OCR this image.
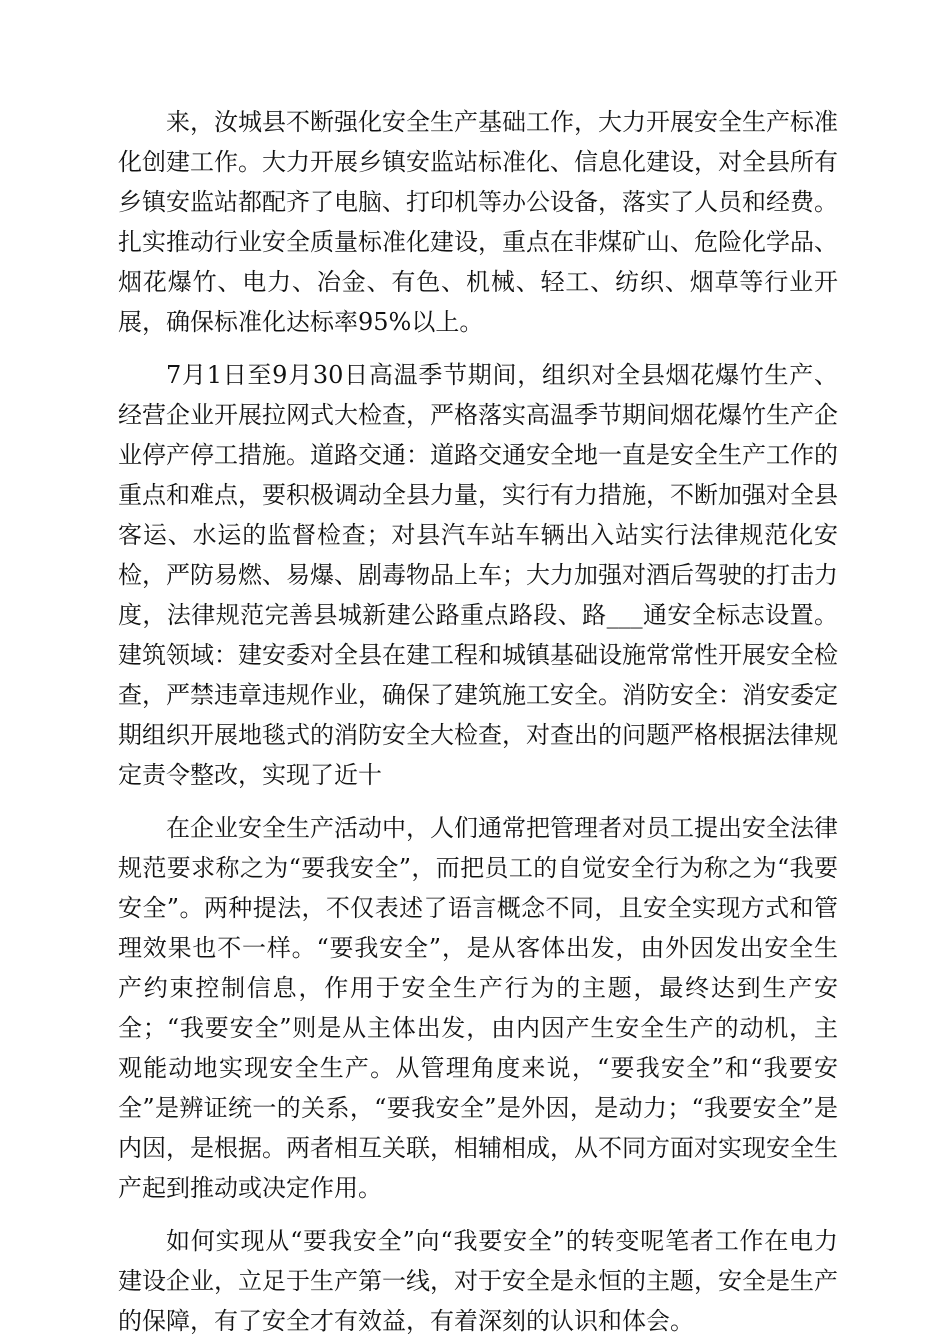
来，汝城县不断强化安全生产基础工作，大力开展安全生产标准化创建工作。大力开展乡镇安监站标准化、信息化建设，对全县所有乡镇安监站都配齐了电脑、打印机等办公设备，落实了人员和经费。扎实推动行业安全质量标准化建设，重点在非煤矿山、危险化学品、烟花爆竹、电力、冶金、有色、机械、轻工、纺织、烟草等行业开展，确保标准化达标率95%以上。

7月1日至9月30日高温季节期间，组织对全县烟花爆竹生产、经营企业开展拉网式大检查，严格落实高温季节期间烟花爆竹生产企业停产停工措施。道路交通：道路交通安全地一直是安全生产工作的重点和难点，要积极调动全县力量，实行有力措施，不断加强对全县客运、水运的监督检查；对县汽车站车辆出入站实行法律规范化安检，严防易燃、易爆、剧毒物品上车；大力加强对酒后驾驶的打击力度，法律规范完善县城新建公路重点路段、路___通安全标志设置。建筑领域：建安委对全县在建工程和城镇基础设施常常性开展安全检查，严禁违章违规作业，确保了建筑施工安全。消防安全：消安委定期组织开展地毯式的消防安全大检查，对查出的问题严格根据法律规定责令整改，实现了近十

在企业安全生产活动中，人们通常把管理者对员工提出安全法律规范要求称之为“要我安全”，而把员工的自觉安全行为称之为“我要安全”。两种提法，不仅表述了语言概念不同，且安全实现方式和管理效果也不一样。“要我安全”，是从客体出发，由外因发出安全生产约束控制信息，作用于安全生产行为的主题，最终达到生产安全；“我要安全”则是从主体出发，由内因产生安全生产的动机，主观能动地实现安全生产。从管理角度来说，“要我安全”和“我要安全”是辨证统一的关系，“要我安全”是外因，是动力；“我要安全”是内因，是根据。两者相互关联，相辅相成，从不同方面对实现安全生产起到推动或决定作用。

如何实现从“要我安全”向“我要安全”的转变呢笔者工作在电力建设企业，立足于生产第一线，对于安全是永恒的主题，安全是生产的保障，有了安全才有效益，有着深刻的认识和体会。
